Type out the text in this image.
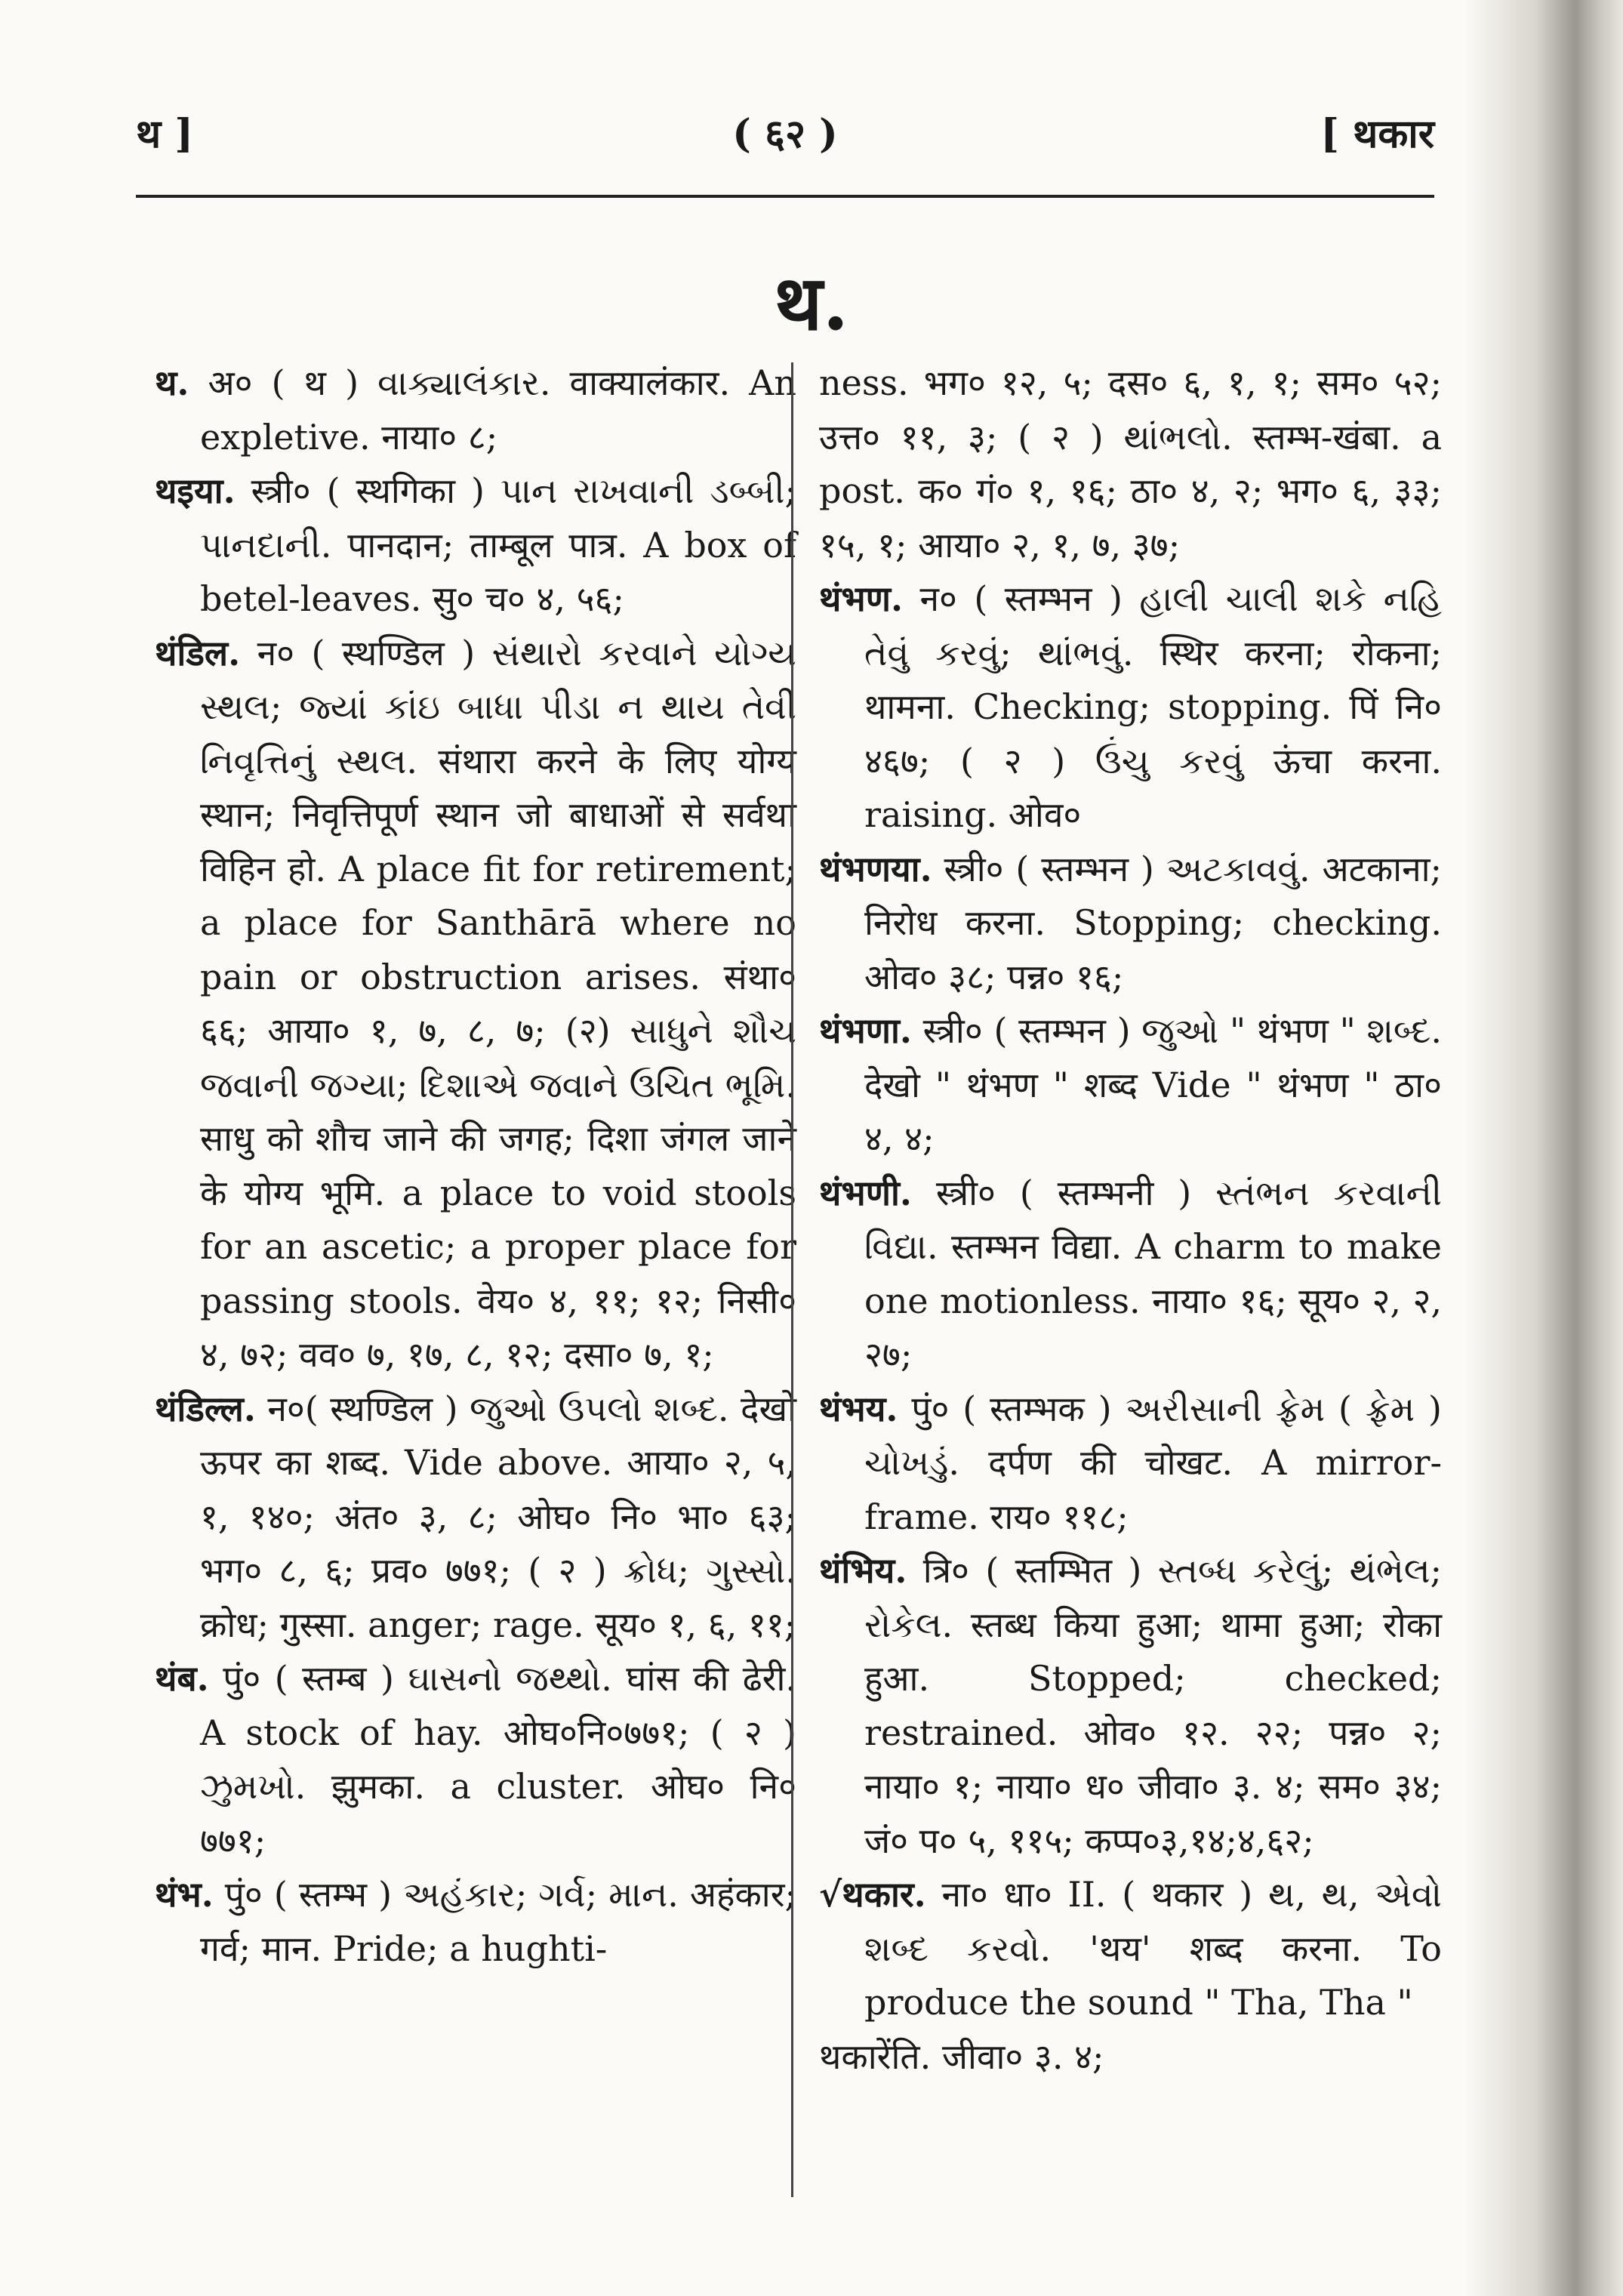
थ ]	( ६२ )	[ थकार
थ.

थ. अ० ( थ ) વાક્યાલંકાર. वाक्यालंकार. An expletive. नाया० ८;

थइया. स्त्री० ( स्थगिका ) પાન રાખવાની ડબ્બી; પાનદાની. पानदान; ताम्बूल पात्र. A box of betel-leaves. सु० च० ४, ५६;

थंडिल. न० ( स्थण्डिल ) સંથારો કરવાને યોગ્ય સ્થલ; જ્યાં કાંઇ બાધા પીડા ન થાય તેવી નિવૃત્તિનું સ્થલ. संथारा करने के लिए योग्य स्थान; निवृत्तिपूर्ण स्थान जो बाधाओं से सर्वथा विहिन हो. A place fit for retirement; a place for Santhārā where no pain or obstruction arises. संथा० ६६; आया० १, ७, ८, ७; (२) સાધુને શૌચ જવાની જગ્યા; દિશાએ જવાને ઉચિત ભૂમિ. साधु को शौच जाने की जगह; दिशा जंगल जाने के योग्य भूमि. a place to void stools for an ascetic; a proper place for passing stools. वेय० ४, ११; १२; निसी० ४, ७२; वव० ७, १७, ८, १२; दसा० ७, १;

थंडिल्ल. न०( स्थण्डिल ) જુઓ ઉપલો શબ્દ. देखो ऊपर का शब्द. Vide above. आया० २, ५, १, १४०; अंत० ३, ८; ओघ० नि० भा० ६३; भग० ८, ६; प्रव० ७७१; ( २ ) ક્રોધ; ગુસ્સો. क्रोध; गुस्सा. anger; rage. सूय० १, ६, ११;

थंब. पुं० ( स्तम्ब ) ઘાસનો જથ્થો. घांस की ढेरी. A stock of hay. ओघ०नि०७७१; ( २ ) ઝુમખો. झुमका. a cluster. ओघ० नि० ७७१;

थंभ. पुं० ( स्तम्भ ) અહંકાર; ગર્વ; માન. अहंकार; गर्व; मान. Pride; a hughti-

ness. भग० १२, ५; दस० ६, १, १; सम० ५२; उत्त० ११, ३; ( २ ) થાંભલો. स्तम्भ-खंबा. a post. क० गं० १, १६; ठा० ४, २; भग० ६, ३३; १५, १; आया० २, १, ७, ३७;

थंभण. न० ( स्तम्भन ) હાલી ચાલી શકે નહિ તેવું કરવું; થાંભવું. स्थिर करना; रोकना; थामना. Checking; stopping. पिं नि० ४६७; ( २ ) ઉંચુ કરવું ऊंचा करना. raising. ओव०

थंभणया. स्त्री० ( स्तम्भन ) અટકાવવું. अटकाना; निरोध करना. Stopping; checking. ओव० ३८; पन्न० १६;

थंभणा. स्त्री० ( स्तम्भन ) જુઓ " थंभण " શબ્દ. देखो " थंभण " शब्द Vide " थंभण " ठा० ४, ४;

थंभणी. स्त्री० ( स्तम्भनी ) સ્તંભન કરવાની વિદ્યા. स्तम्भन विद्या. A charm to make one motionless. नाया० १६; सूय० २, २, २७;

थंभय. पुं० ( स्तम्भक ) અરીસાની ફ્રેમ ( ફ્રેમ ) ચોખડું. दर्पण की चोखट. A mirror-frame. राय० ११८;

थंभिय. त्रि० ( स्तम्भित ) સ્તબ્ધ કરેલું; થંભેલ; રોકેલ. स्तब्ध किया हुआ; थामा हुआ; रोका हुआ. Stopped; checked; restrained. ओव० १२. २२; पन्न० २; नाया० १; नाया० ध० जीवा० ३. ४; सम० ३४; जं० प० ५, ११५; कप्प०३,१४;४,६२;

√थकार. ना० धा० II. ( थकार ) થ, થ, એવો શબ્દ કરવો. 'थय' शब्द करना. To produce the sound " Tha, Tha "

थकारेंति. जीवा० ३. ४;
